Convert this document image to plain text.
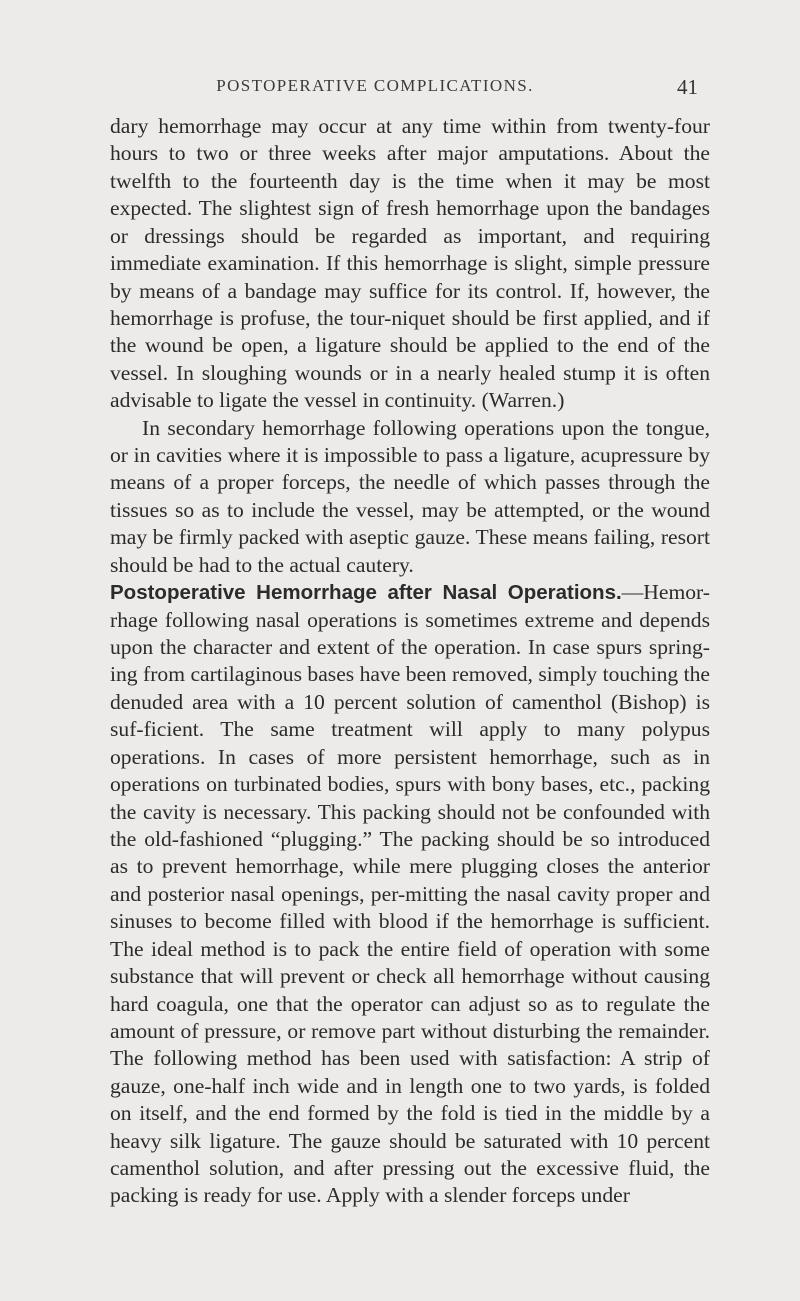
POSTOPERATIVE COMPLICATIONS.	41

dary hemorrhage may occur at any time within from twenty-four hours to two or three weeks after major amputations. About the twelfth to the fourteenth day is the time when it may be most expected. The slightest sign of fresh hemorrhage upon the bandages or dressings should be regarded as important, and requiring immediate examination. If this hemorrhage is slight, simple pressure by means of a bandage may suffice for its control. If, however, the hemorrhage is profuse, the tour-niquet should be first applied, and if the wound be open, a ligature should be applied to the end of the vessel. In sloughing wounds or in a nearly healed stump it is often advisable to ligate the vessel in continuity. (Warren.)

In secondary hemorrhage following operations upon the tongue, or in cavities where it is impossible to pass a ligature, acupressure by means of a proper forceps, the needle of which passes through the tissues so as to include the vessel, may be attempted, or the wound may be firmly packed with aseptic gauze. These means failing, resort should be had to the actual cautery.

Postoperative Hemorrhage after Nasal Operations.—Hemor-rhage following nasal operations is sometimes extreme and depends upon the character and extent of the operation. In case spurs spring-ing from cartilaginous bases have been removed, simply touching the denuded area with a 10 percent solution of camenthol (Bishop) is suf-ficient. The same treatment will apply to many polypus operations. In cases of more persistent hemorrhage, such as in operations on turbinated bodies, spurs with bony bases, etc., packing the cavity is necessary. This packing should not be confounded with the old-fashioned “plugging.” The packing should be so introduced as to prevent hemorrhage, while mere plugging closes the anterior and posterior nasal openings, per-mitting the nasal cavity proper and sinuses to become filled with blood if the hemorrhage is sufficient. The ideal method is to pack the entire field of operation with some substance that will prevent or check all hemorrhage without causing hard coagula, one that the operator can adjust so as to regulate the amount of pressure, or remove part without disturbing the remainder. The following method has been used with satisfaction: A strip of gauze, one-half inch wide and in length one to two yards, is folded on itself, and the end formed by the fold is tied in the middle by a heavy silk ligature. The gauze should be saturated with 10 percent camenthol solution, and after pressing out the excessive fluid, the packing is ready for use. Apply with a slender forceps under
